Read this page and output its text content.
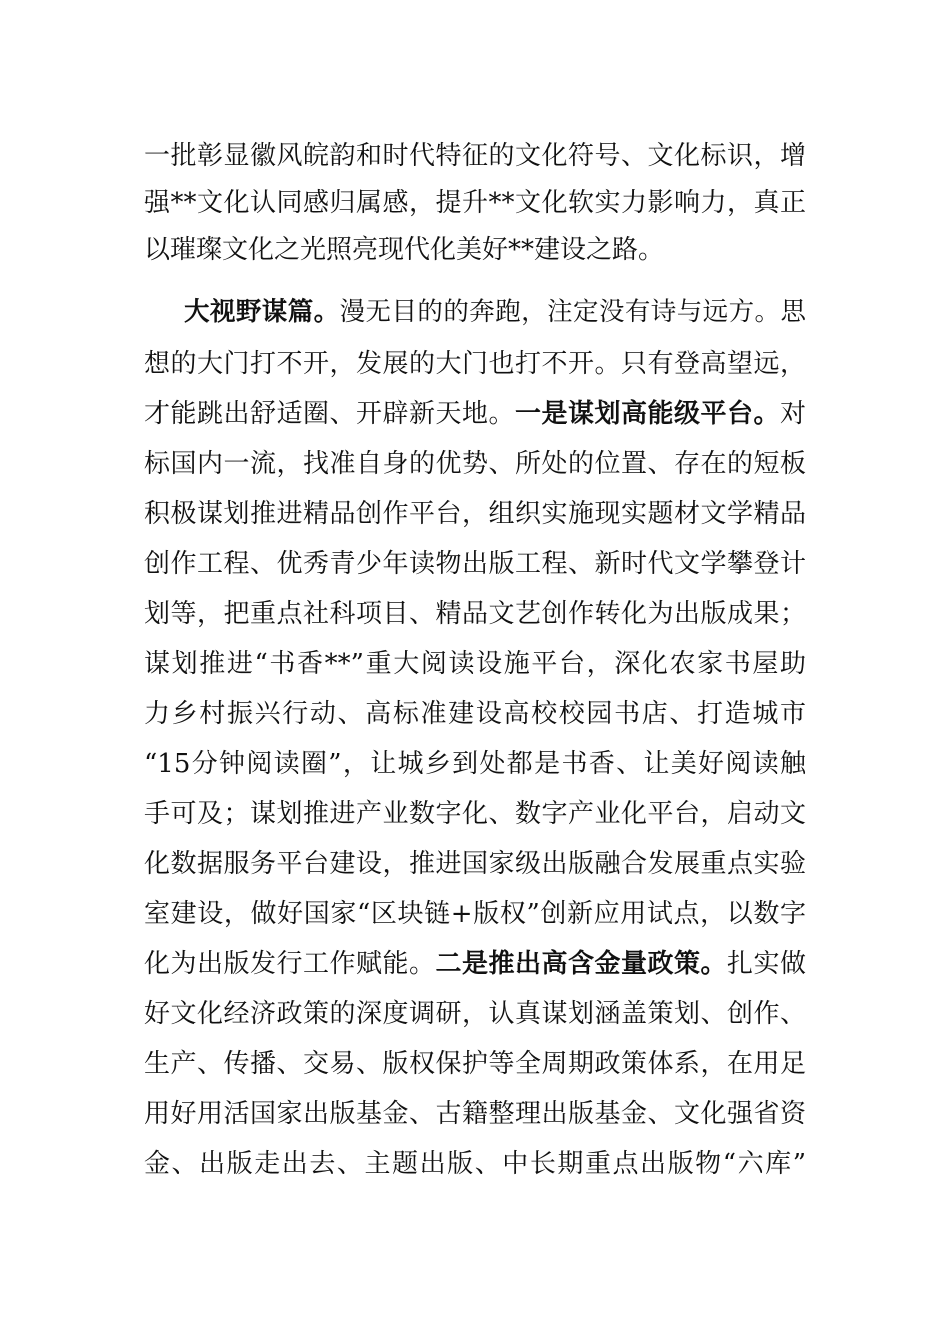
一批彰显徽风皖韵和时代特征的文化符号、文化标识，增
强**文化认同感归属感，提升**文化软实力影响力，真正
以璀璨文化之光照亮现代化美好**建设之路。
大视野谋篇。漫无目的的奔跑，注定没有诗与远方。思
想的大门打不开，发展的大门也打不开。只有登高望远，
才能跳出舒适圈、开辟新天地。一是谋划高能级平台。对
标国内一流，找准自身的优势、所处的位置、存在的短板
积极谋划推进精品创作平台，组织实施现实题材文学精品
创作工程、优秀青少年读物出版工程、新时代文学攀登计
划等，把重点社科项目、精品文艺创作转化为出版成果；
谋划推进“书香**”重大阅读设施平台，深化农家书屋助
力乡村振兴行动、高标准建设高校校园书店、打造城市
“15分钟阅读圈”，让城乡到处都是书香、让美好阅读触
手可及；谋划推进产业数字化、数字产业化平台，启动文
化数据服务平台建设，推进国家级出版融合发展重点实验
室建设，做好国家“区块链+版权”创新应用试点，以数字
化为出版发行工作赋能。二是推出高含金量政策。扎实做
好文化经济政策的深度调研，认真谋划涵盖策划、创作、
生产、传播、交易、版权保护等全周期政策体系，在用足
用好用活国家出版基金、古籍整理出版基金、文化强省资
金、出版走出去、主题出版、中长期重点出版物“六库”
